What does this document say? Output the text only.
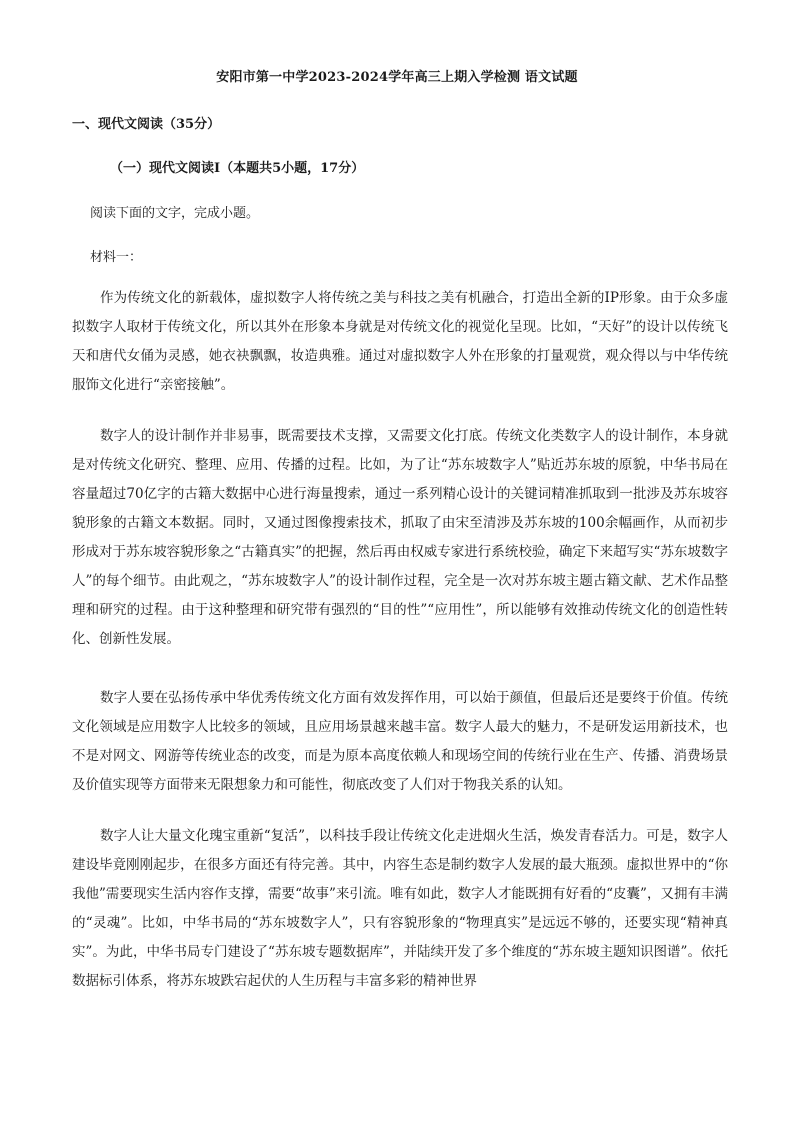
安阳市第一中学2023-2024学年高三上期入学检测 语文试题
一、现代文阅读（35分）
（一）现代文阅读Ⅰ（本题共5小题，17分）
阅读下面的文字，完成小题。
材料一：
作为传统文化的新载体，虚拟数字人将传统之美与科技之美有机融合，打造出全新的IP形象。由于众多虚拟数字人取材于传统文化，所以其外在形象本身就是对传统文化的视觉化呈现。比如，“天好”的设计以传统飞天和唐代女俑为灵感，她衣袂飘飘，妆造典雅。通过对虚拟数字人外在形象的打量观赏，观众得以与中华传统服饰文化进行“亲密接触”。
数字人的设计制作并非易事，既需要技术支撑，又需要文化打底。传统文化类数字人的设计制作，本身就是对传统文化研究、整理、应用、传播的过程。比如，为了让“苏东坡数字人”贴近苏东坡的原貌，中华书局在容量超过70亿字的古籍大数据中心进行海量搜索，通过一系列精心设计的关键词精准抓取到一批涉及苏东坡容貌形象的古籍文本数据。同时，又通过图像搜索技术，抓取了由宋至清涉及苏东坡的100余幅画作，从而初步形成对于苏东坡容貌形象之“古籍真实”的把握，然后再由权威专家进行系统校验，确定下来超写实“苏东坡数字人”的每个细节。由此观之，“苏东坡数字人”的设计制作过程，完全是一次对苏东坡主题古籍文献、艺术作品整理和研究的过程。由于这种整理和研究带有强烈的“目的性”“应用性”，所以能够有效推动传统文化的创造性转化、创新性发展。
数字人要在弘扬传承中华优秀传统文化方面有效发挥作用，可以始于颜值，但最后还是要终于价值。传统文化领域是应用数字人比较多的领域，且应用场景越来越丰富。数字人最大的魅力，不是研发运用新技术，也不是对网文、网游等传统业态的改变，而是为原本高度依赖人和现场空间的传统行业在生产、传播、消费场景及价值实现等方面带来无限想象力和可能性，彻底改变了人们对于物我关系的认知。
数字人让大量文化瑰宝重新“复活”，以科技手段让传统文化走进烟火生活，焕发青春活力。可是，数字人建设毕竟刚刚起步，在很多方面还有待完善。其中，内容生态是制约数字人发展的最大瓶颈。虚拟世界中的“你我他”需要现实生活内容作支撑，需要“故事”来引流。唯有如此，数字人才能既拥有好看的“皮囊”，又拥有丰满的“灵魂”。比如，中华书局的“苏东坡数字人”，只有容貌形象的“物理真实”是远远不够的，还要实现“精神真实”。为此，中华书局专门建设了“苏东坡专题数据库”，并陆续开发了多个维度的“苏东坡主题知识图谱”。依托数据标引体系，将苏东坡跌宕起伏的人生历程与丰富多彩的精神世界
